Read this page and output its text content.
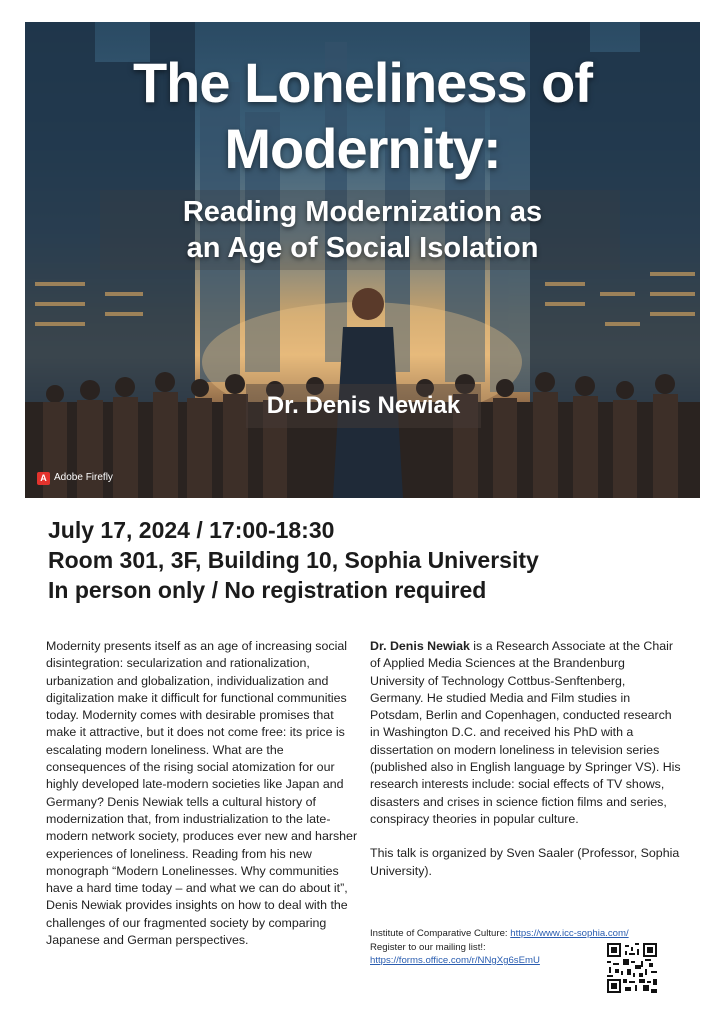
The Loneliness of
Modernity:
Reading Modernization as
an Age of Social Isolation
Dr. Denis Newiak
A Adobe Firefly
July 17, 2024 / 17:00-18:30
Room 301, 3F, Building 10, Sophia University
In person only / No registration required

Modernity presents itself as an age of increasing social disintegration: secularization and rationalization, urbanization and globalization, individualization and digitalization make it difficult for functional communities today. Modernity comes with desirable promises that make it attractive, but it does not come free: its price is escalating modern loneliness. What are the consequences of the rising social atomization for our highly developed late-modern societies like Japan and Germany? Denis Newiak tells a cultural history of modernization that, from industrialization to the late-modern network society, produces ever new and harsher experiences of loneliness. Reading from his new monograph “Modern Lonelinesses. Why communities have a hard time today – and what we can do about it”, Denis Newiak provides insights on how to deal with the challenges of our fragmented society by comparing Japanese and German perspectives.

Dr. Denis Newiak is a Research Associate at the Chair of Applied Media Sciences at the Brandenburg University of Technology Cottbus-Senftenberg, Germany. He studied Media and Film studies in Potsdam, Berlin and Copenhagen, conducted research in Washington D.C. and received his PhD with a dissertation on modern loneliness in television series (published also in English language by Springer VS). His research interests include: social effects of TV shows, disasters and crises in science fiction films and series, conspiracy theories in popular culture.

This talk is organized by Sven Saaler (Professor, Sophia University).

Institute of Comparative Culture: https://www.icc-sophia.com/
Register to our mailing list!:
https://forms.office.com/r/NNgXg6sEmU
